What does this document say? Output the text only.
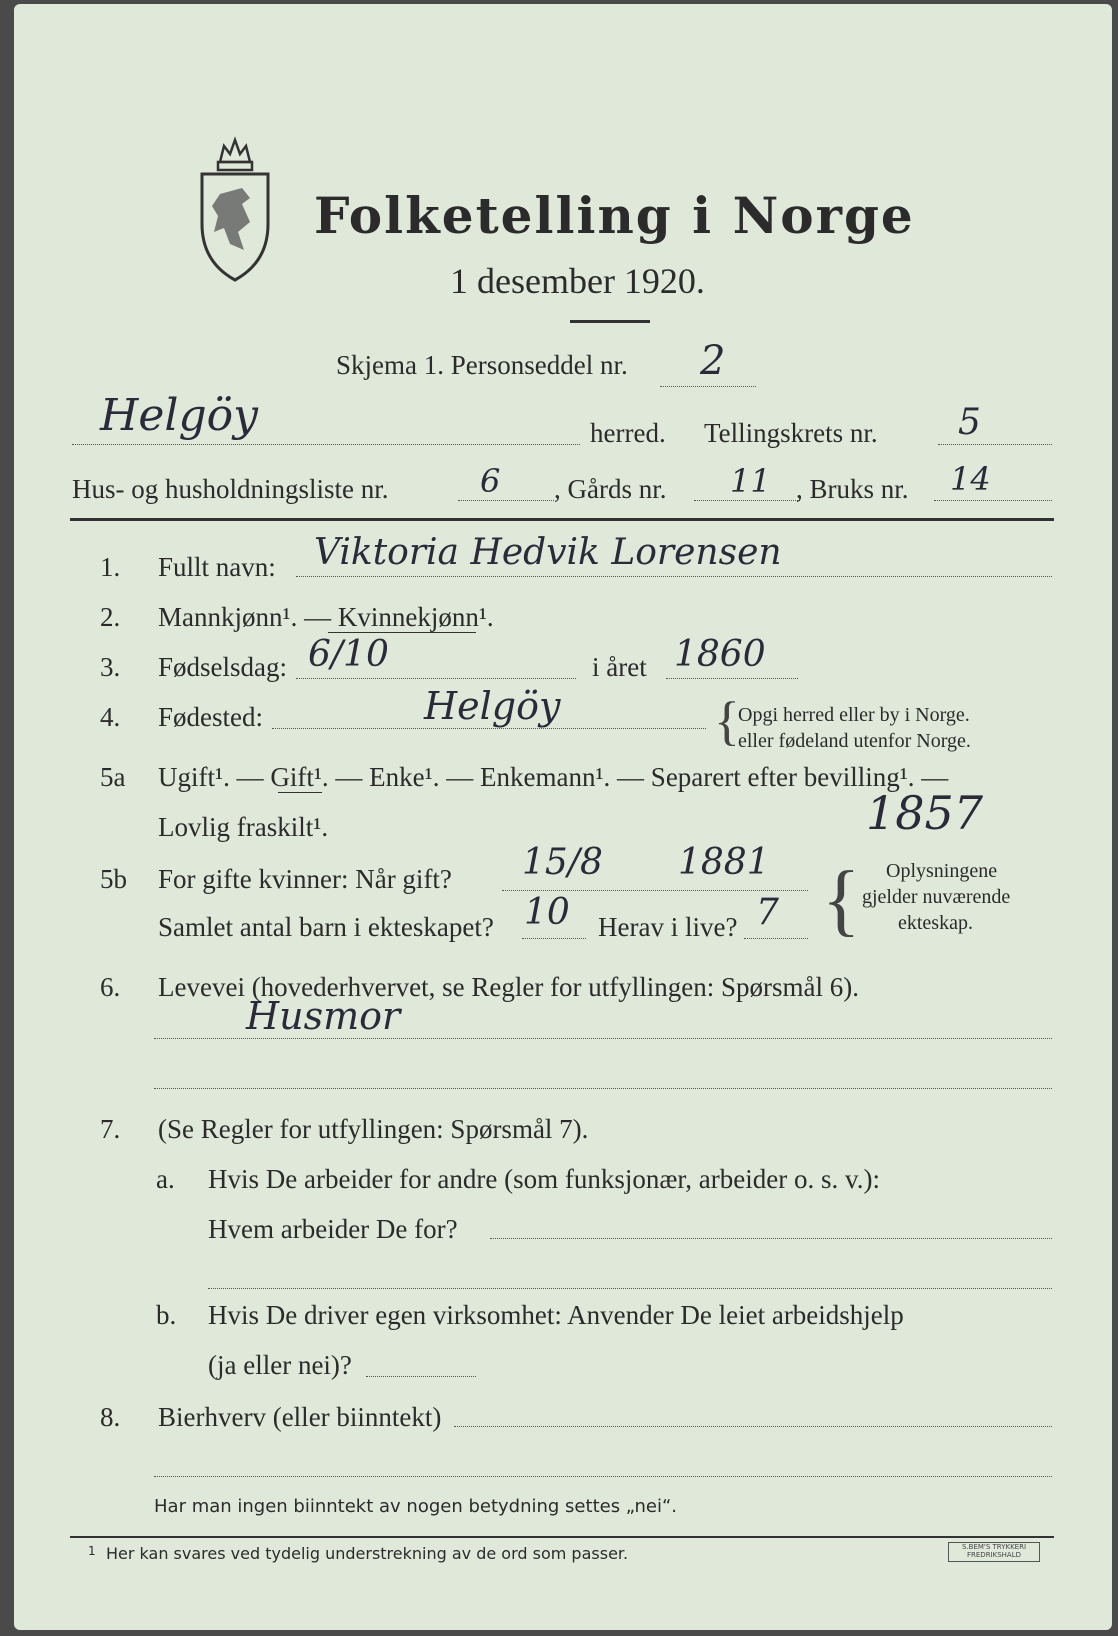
Folketelling i Norge
1 desember 1920.
Skjema 1. Personseddel nr. 2
Helgöy	herred. Tellingskrets nr. 5
Hus- og husholdningsliste nr.	6 , Gårds nr. 11 , Bruks nr. 14
1. Fullt navn: Viktoria Hedvik Lorensen
2. Mannkjønn¹. — Kvinnekjønn¹.
3. Fødselsdag: 6/10	i året 1860
4. Fødested:	Helgöy	{
Opgi herred eller by i Norge.
eller fødeland utenfor Norge.
5a Ugift¹. — Gift¹. — Enke¹. — Enkemann¹. — Separert efter bevilling¹. —
Lovlig fraskilt¹.	1857
5b For gifte kvinner: Når gift? 15/8 1881
Samlet antal barn i ekteskapet? 10 Herav i live? 7 { Oplysningene
gjelder nuværende
ekteskap.
6. Levevei (hovederhvervet, se Regler for utfyllingen: Spørsmål 6).
Husmor
7. (Se Regler for utfyllingen: Spørsmål 7).
a. Hvis De arbeider for andre (som funksjonær, arbeider o. s. v.):
Hvem arbeider De for?
b. Hvis De driver egen virksomhet: Anvender De leiet arbeidshjelp
(ja eller nei)?
8. Bierhverv (eller biinntekt)
Har man ingen biinntekt av nogen betydning settes „nei“.
1 Her kan svares ved tydelig understrekning av de ord som passer.	S.BEM'S TRYKKERI
FREDRIKSHALD
